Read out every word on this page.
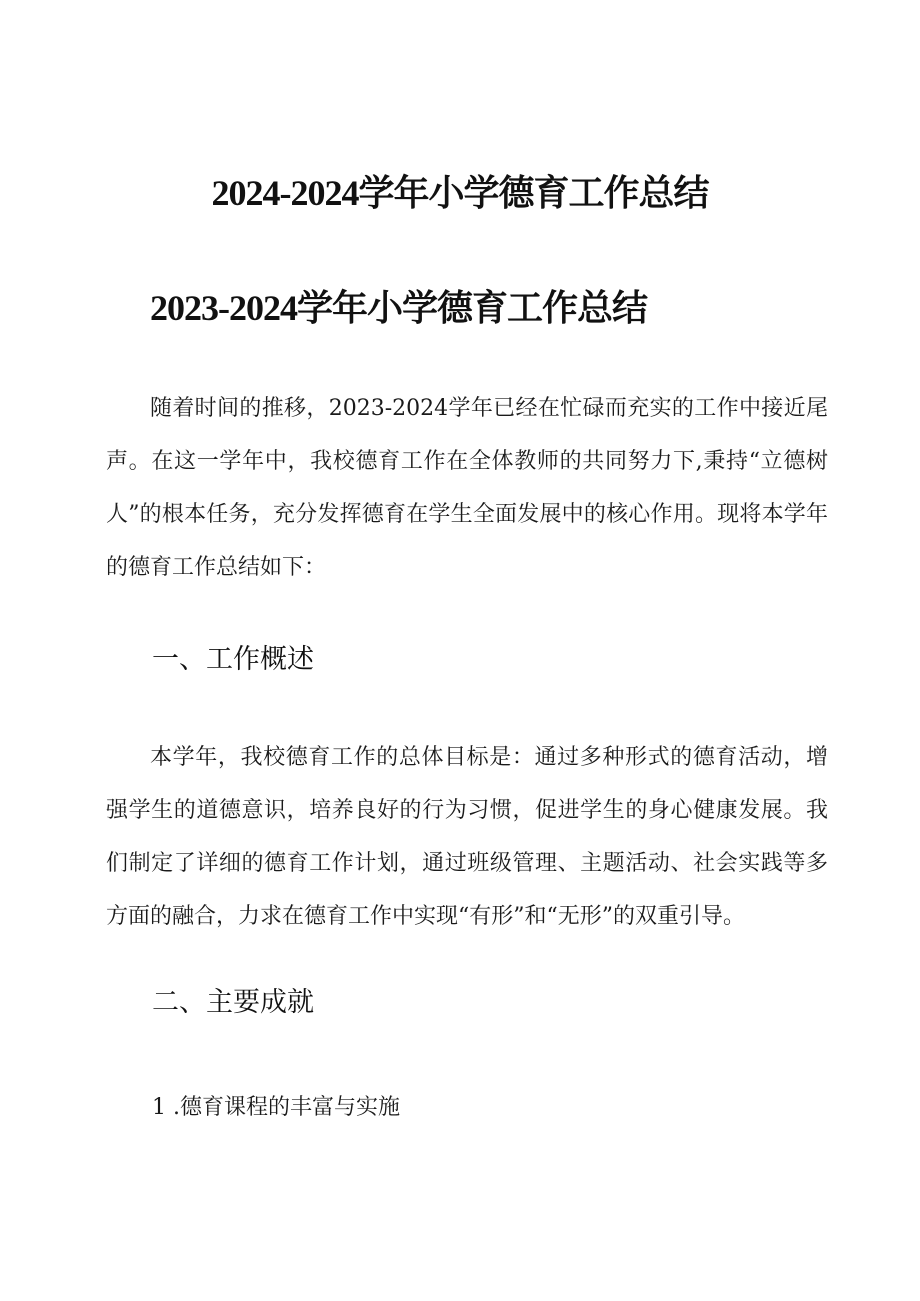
2024-2024学年小学德育工作总结
2023-2024学年小学德育工作总结

随着时间的推移，2023-2024学年已经在忙碌而充实的工作中接近尾声。在这一学年中，我校德育工作在全体教师的共同努力下,秉持“立德树人”的根本任务，充分发挥德育在学生全面发展中的核心作用。现将本学年的德育工作总结如下：

一、工作概述

本学年，我校德育工作的总体目标是：通过多种形式的德育活动，增强学生的道德意识，培养良好的行为习惯，促进学生的身心健康发展。我们制定了详细的德育工作计划，通过班级管理、主题活动、社会实践等多方面的融合，力求在德育工作中实现“有形”和“无形”的双重引导。

二、主要成就

1 .德育课程的丰富与实施
